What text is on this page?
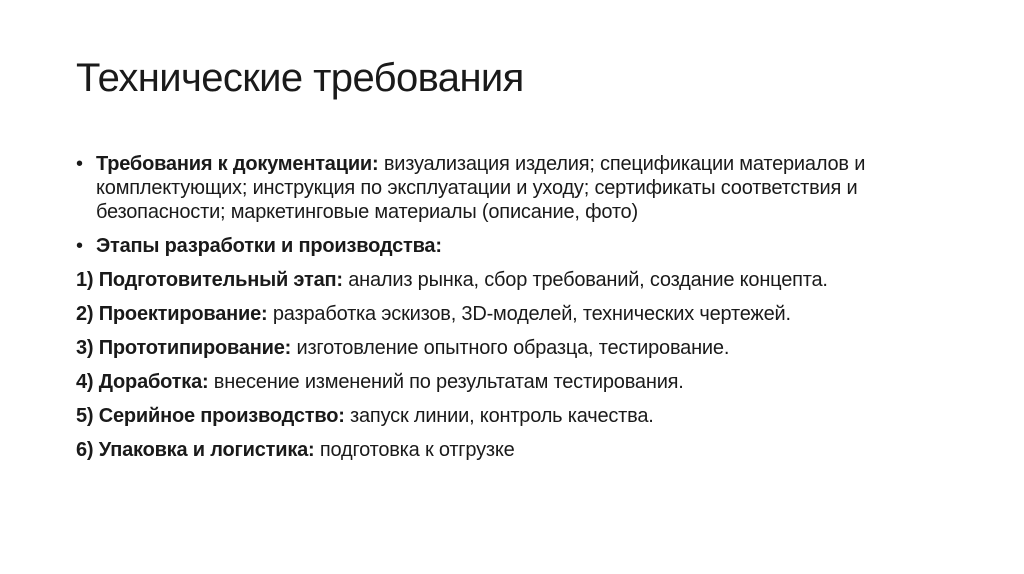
Технические требования
• Требования к документации: визуализация изделия; спецификации материалов и комплектующих; инструкция по эксплуатации и уходу; сертификаты соответствия и безопасности; маркетинговые материалы (описание, фото)
• Этапы разработки и производства:
1) Подготовительный этап: анализ рынка, сбор требований, создание концепта.
2) Проектирование: разработка эскизов, 3D-моделей, технических чертежей.
3) Прототипирование: изготовление опытного образца, тестирование.
4) Доработка: внесение изменений по результатам тестирования.
5) Серийное производство: запуск линии, контроль качества.
6) Упаковка и логистика: подготовка к отгрузке
